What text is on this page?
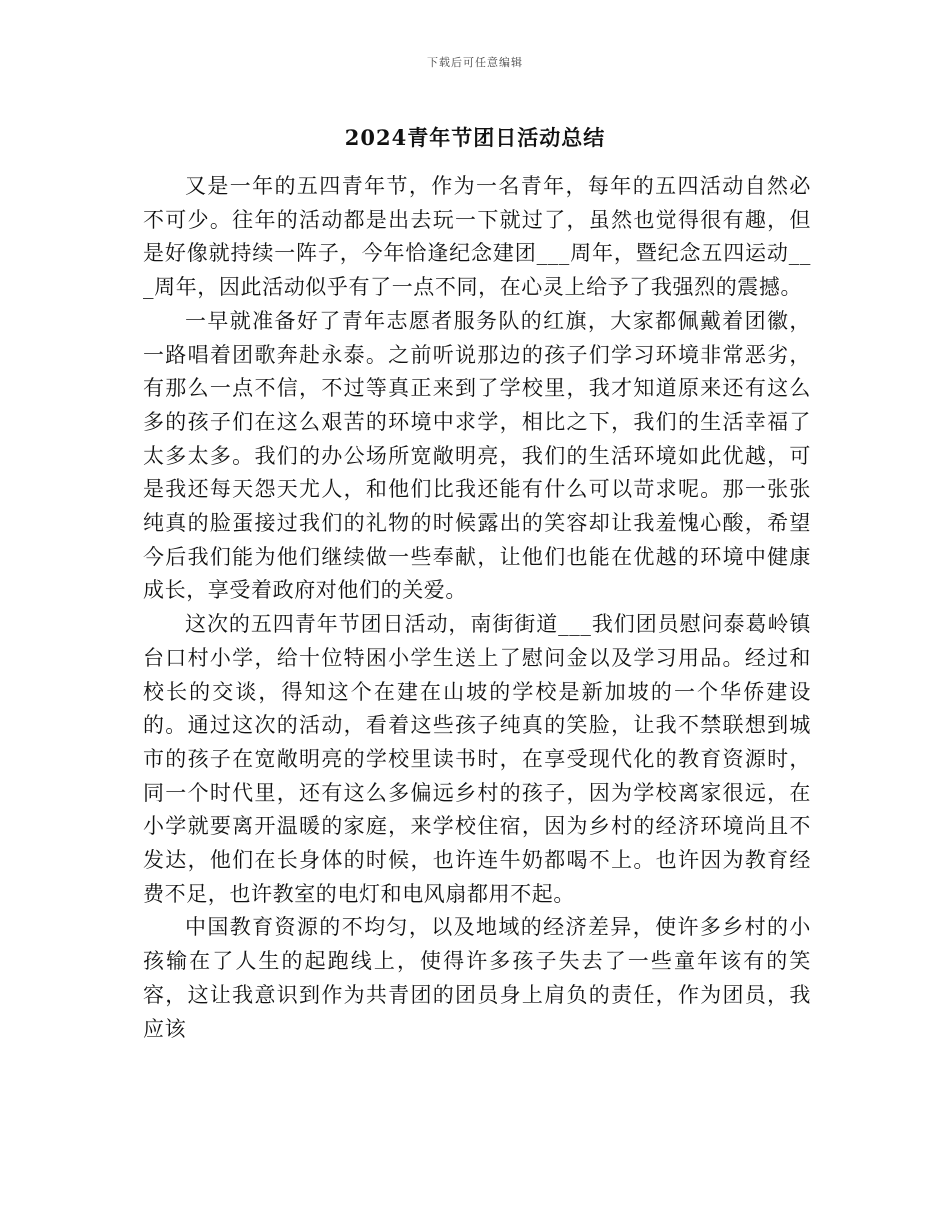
下载后可任意编辑
2024青年节团日活动总结

又是一年的五四青年节，作为一名青年，每年的五四活动自然必不可少。往年的活动都是出去玩一下就过了，虽然也觉得很有趣，但是好像就持续一阵子，今年恰逢纪念建团___周年，暨纪念五四运动___周年，因此活动似乎有了一点不同，在心灵上给予了我强烈的震撼。

一早就准备好了青年志愿者服务队的红旗，大家都佩戴着团徽，一路唱着团歌奔赴永泰。之前听说那边的孩子们学习环境非常恶劣，有那么一点不信，不过等真正来到了学校里，我才知道原来还有这么多的孩子们在这么艰苦的环境中求学，相比之下，我们的生活幸福了太多太多。我们的办公场所宽敞明亮，我们的生活环境如此优越，可是我还每天怨天尤人，和他们比我还能有什么可以苛求呢。那一张张纯真的脸蛋接过我们的礼物的时候露出的笑容却让我羞愧心酸，希望今后我们能为他们继续做一些奉献，让他们也能在优越的环境中健康成长，享受着政府对他们的关爱。

这次的五四青年节团日活动，南街街道___我们团员慰问泰葛岭镇台口村小学，给十位特困小学生送上了慰问金以及学习用品。经过和校长的交谈，得知这个在建在山坡的学校是新加坡的一个华侨建设的。通过这次的活动，看着这些孩子纯真的笑脸，让我不禁联想到城市的孩子在宽敞明亮的学校里读书时，在享受现代化的教育资源时，同一个时代里，还有这么多偏远乡村的孩子，因为学校离家很远，在小学就要离开温暖的家庭，来学校住宿，因为乡村的经济环境尚且不发达，他们在长身体的时候，也许连牛奶都喝不上。也许因为教育经费不足，也许教室的电灯和电风扇都用不起。

中国教育资源的不均匀，以及地域的经济差异，使许多乡村的小孩输在了人生的起跑线上，使得许多孩子失去了一些童年该有的笑容，这让我意识到作为共青团的团员身上肩负的责任，作为团员，我应该
